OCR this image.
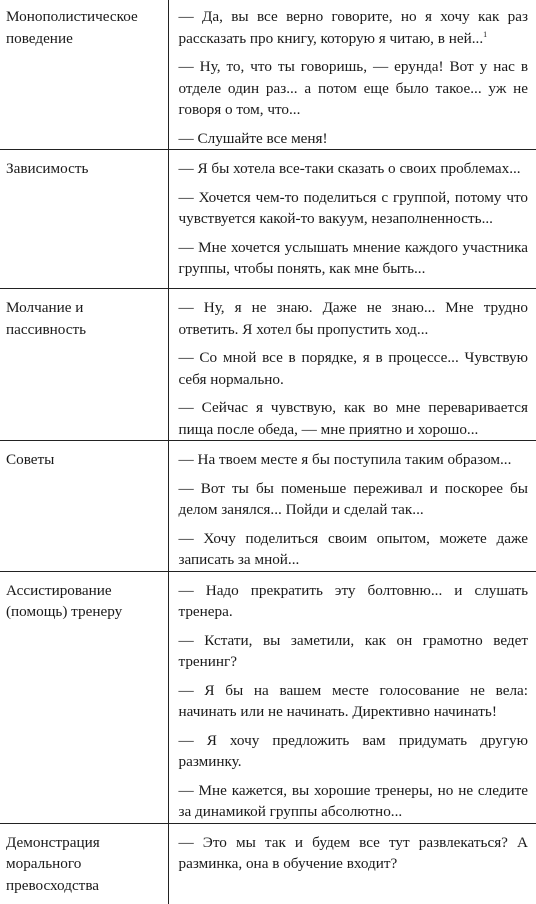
Монополистическое поведение	— Да, вы все верно говорите, но я хочу как раз рассказать про книгу, которую я читаю, в ней...$^1$
— Ну, то, что ты говоришь, — ерунда! Вот у нас в отделе один раз... а потом еще было такое... уж не говоря о том, что...
— Слушайте все меня!

Зависимость	— Я бы хотела все-таки сказать о своих проблемах...
— Хочется чем-то поделиться с группой, потому что чувствуется какой-то вакуум, незаполненность...
— Мне хочется услышать мнение каждого участника группы, чтобы понять, как мне быть...

Молчание и пассивность	— Ну, я не знаю. Даже не знаю... Мне трудно ответить. Я хотел бы пропустить ход...
— Со мной все в порядке, я в процессе... Чувствую себя нормально.
— Сейчас я чувствую, как во мне переваривается пища после обеда, — мне приятно и хорошо...

Советы	— На твоем месте я бы поступила таким образом...
— Вот ты бы поменьше переживал и поскорее бы делом занялся... Пойди и сделай так...
— Хочу поделиться своим опытом, можете даже записать за мной...

Ассистирование (помощь) тренеру	— Надо прекратить эту болтовню... и слушать тренера.
— Кстати, вы заметили, как он грамотно ведет тренинг?
— Я бы на вашем месте голосование не вела: начинать или не начинать. Директивно начинать!
— Я хочу предложить вам придумать другую разминку.
— Мне кажется, вы хорошие тренеры, но не следите за динамикой группы абсолютно...

Демонстрация морального превосходства	— Это мы так и будем все тут развлекаться? А разминка, она в обучение входит?
